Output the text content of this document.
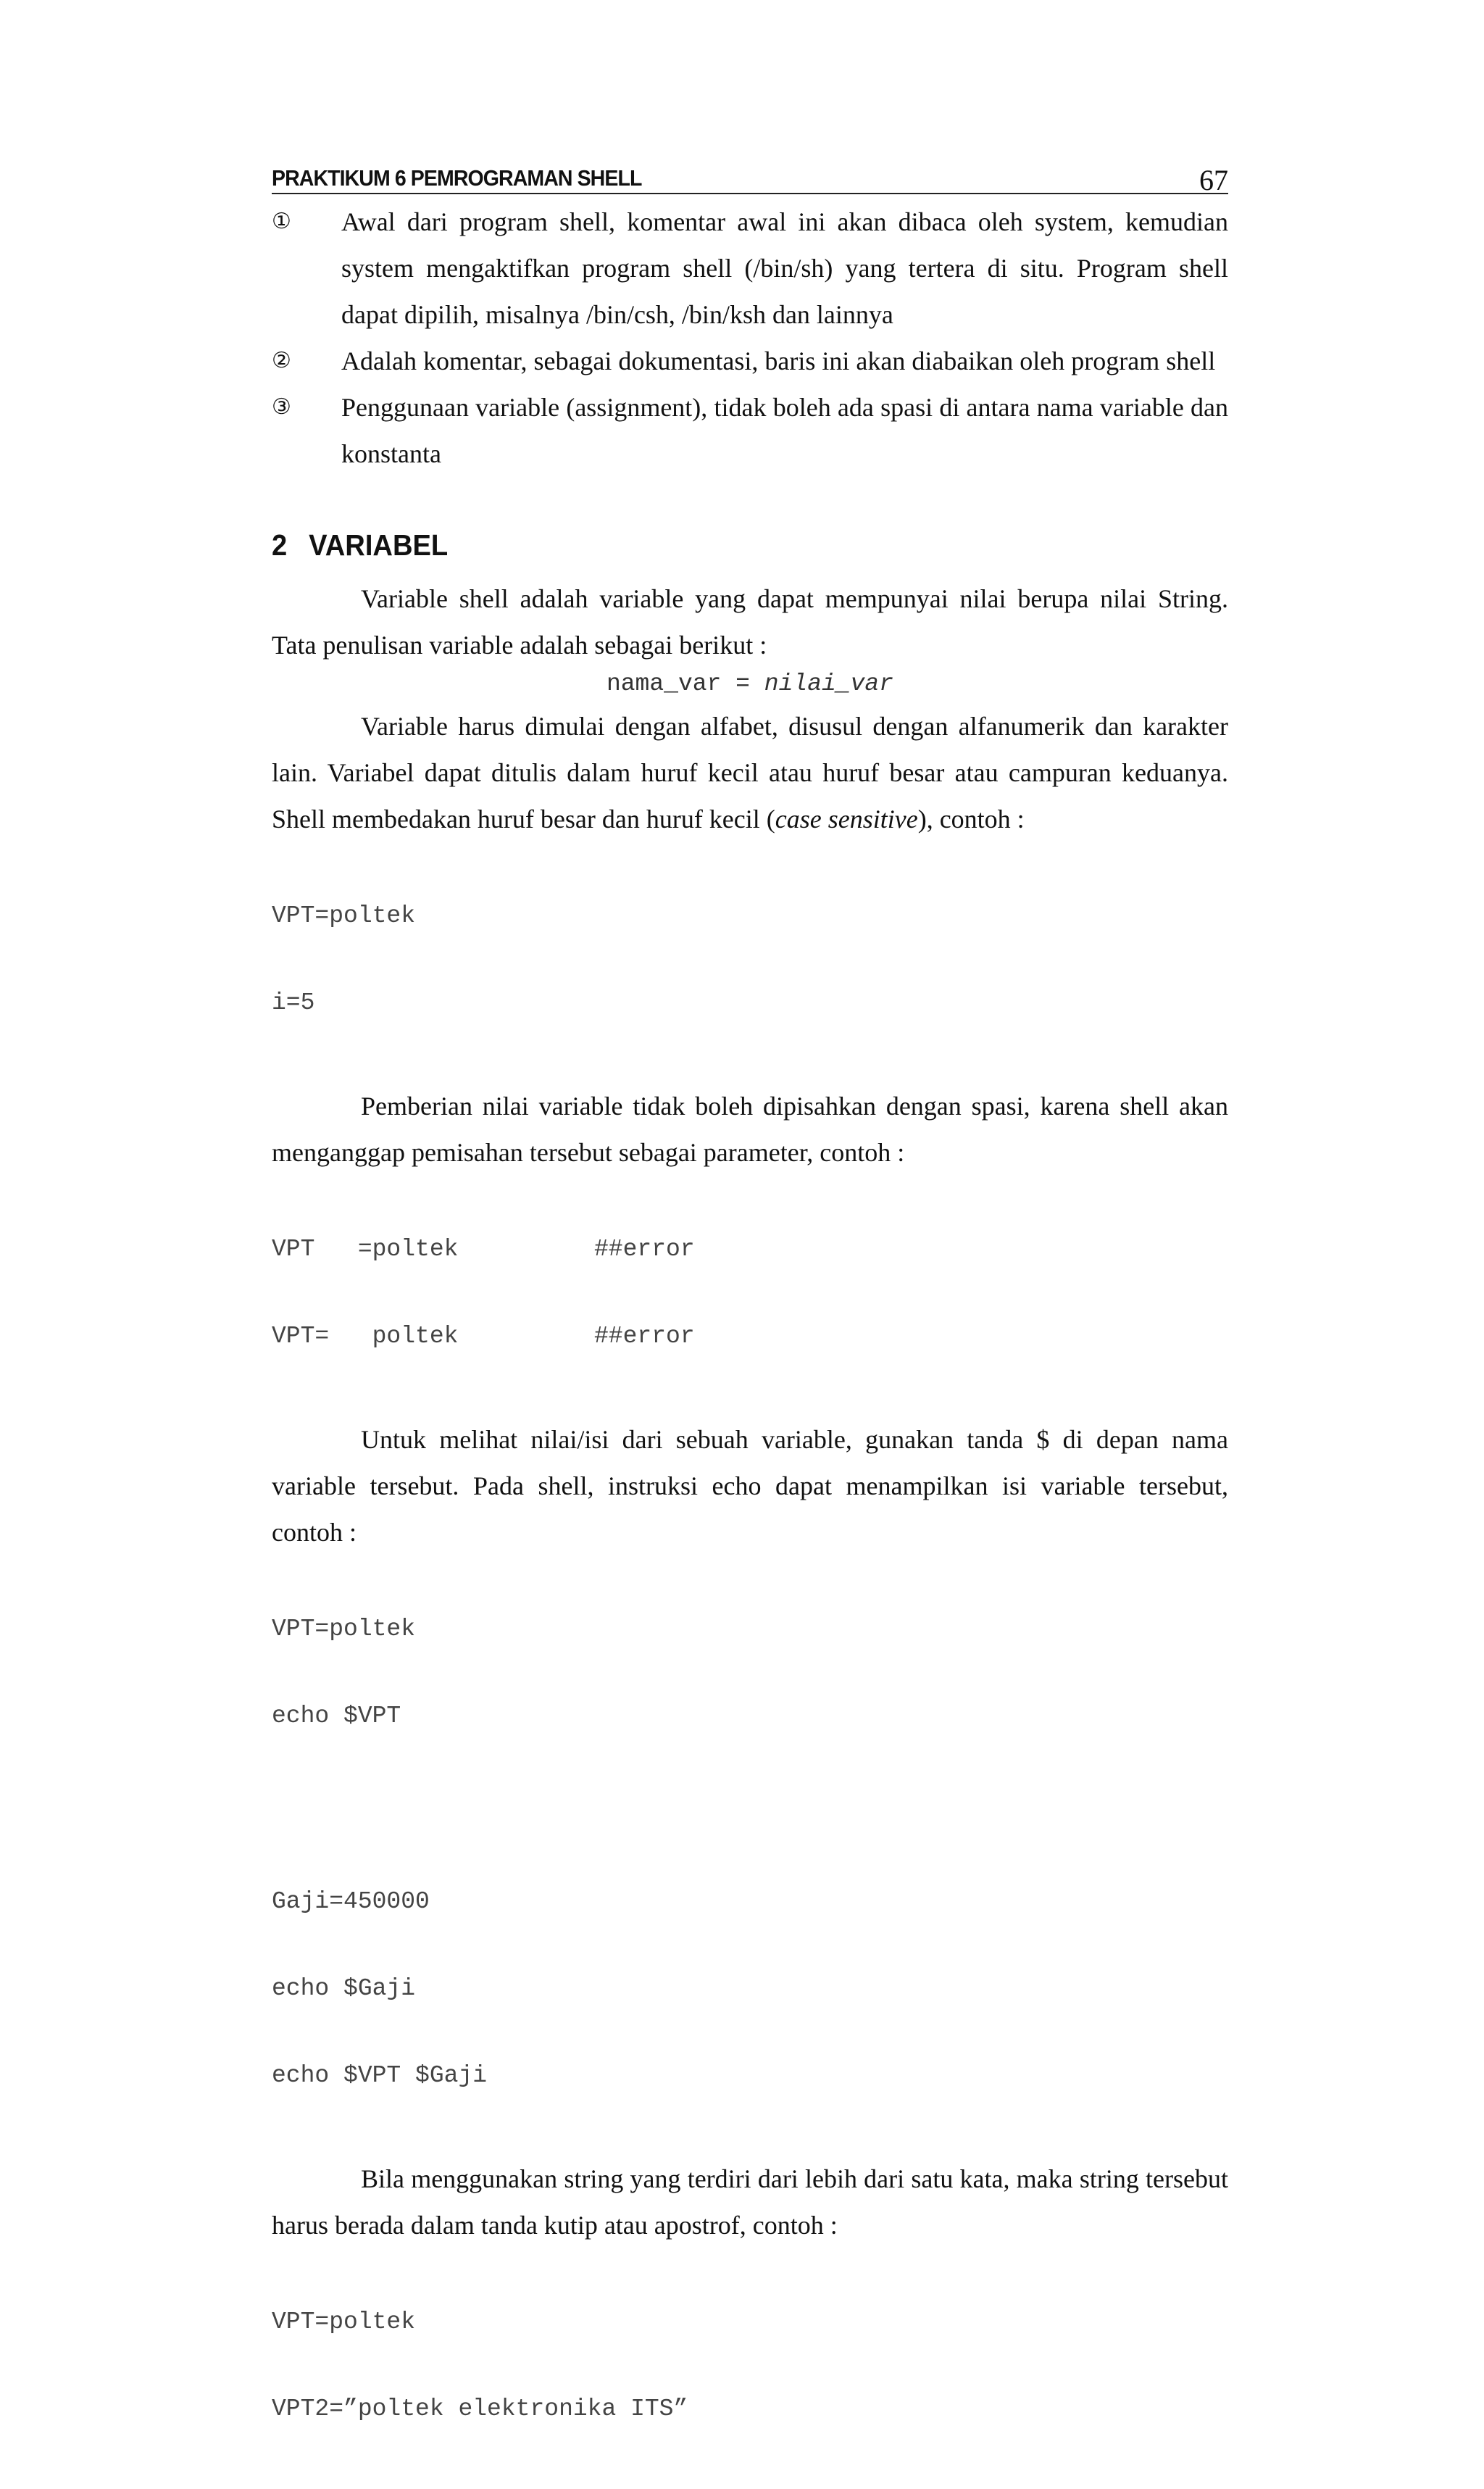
PRAKTIKUM 6 PEMROGRAMAN SHELL	67
①	Awal dari program shell, komentar awal ini akan dibaca oleh system, kemudian system mengaktifkan program shell (/bin/sh) yang tertera di situ. Program shell dapat dipilih, misalnya /bin/csh, /bin/ksh dan lainnya
②	Adalah komentar, sebagai dokumentasi, baris ini akan diabaikan oleh program shell
③	Penggunaan variable (assignment), tidak boleh ada spasi di antara nama variable dan konstanta
2 VARIABEL

Variable shell adalah variable yang dapat mempunyai nilai berupa nilai String. Tata penulisan variable adalah sebagai berikut :

nama_var = nilai_var

Variable harus dimulai dengan alfabet, disusul dengan alfanumerik dan karakter lain. Variabel dapat ditulis dalam huruf kecil atau huruf besar atau campuran keduanya. Shell membedakan huruf besar dan huruf kecil (case sensitive), contoh :

VPT=poltek

i=5

Pemberian nilai variable tidak boleh dipisahkan dengan spasi, karena shell akan menganggap pemisahan tersebut sebagai parameter, contoh :

VPT   =poltek	##error

VPT=   poltek	##error

Untuk melihat nilai/isi dari sebuah variable, gunakan tanda $ di depan nama variable tersebut. Pada shell, instruksi echo dapat menampilkan isi variable tersebut, contoh :

VPT=poltek

echo $VPT

Gaji=450000

echo $Gaji

echo $VPT $Gaji

Bila menggunakan string yang terdiri dari lebih dari satu kata, maka string tersebut harus berada dalam tanda kutip atau apostrof, contoh :

VPT=poltek

VPT2=”poltek elektronika ITS”
